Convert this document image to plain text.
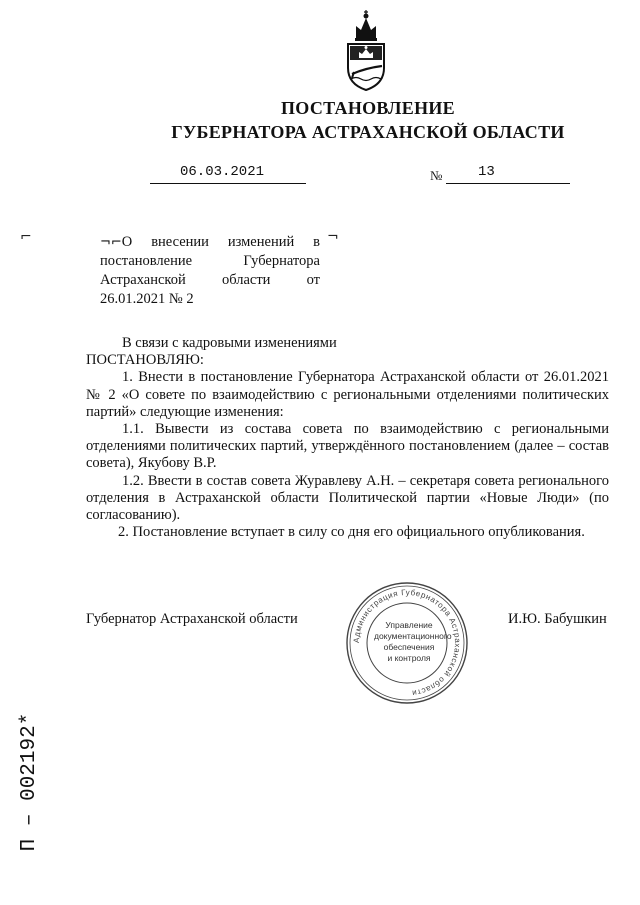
ПОСТАНОВЛЕНИЕ
ГУБЕРНАТОРА АСТРАХАНСКОЙ ОБЛАСТИ
06.03.2021	№	13
⌐	¬
¬⌐О внесении изменений в постановление Губернатора Астраханской области от 26.01.2021 № 2

В связи с кадровыми изменениями

ПОСТАНОВЛЯЮ:

1. Внести в постановление Губернатора Астраханской области от 26.01.2021 № 2 «О совете по взаимодействию с региональными отделениями политических партий» следующие изменения:

1.1. Вывести из состава совета по взаимодействию с региональными отделениями политических партий, утверждённого постановлением (далее – состав совета), Якубову В.Р.

1.2. Ввести в состав совета Журавлеву А.Н. – секретаря совета регионального отделения в Астраханской области Политической партии «Новые Люди» (по согласованию).

2. Постановление вступает в силу со дня его официального опубликования.

Губернатор Астраханской области	И.Ю. Бабушкин
Администрация Губернатора Астраханской области
Управление
документационного
обеспечения
и контроля
П – 002192*
